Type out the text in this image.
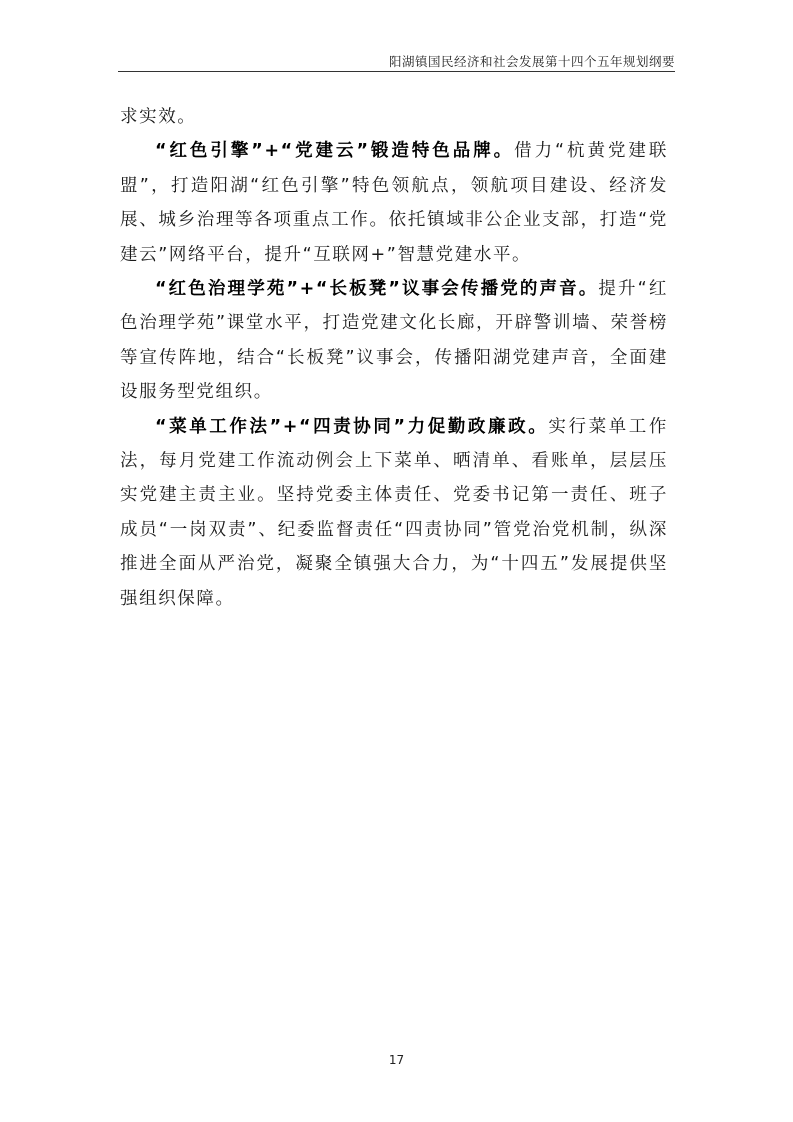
阳湖镇国民经济和社会发展第十四个五年规划纲要

求实效。

“红色引擎”+“党建云”锻造特色品牌。借力“杭黄党建联盟”，打造阳湖“红色引擎”特色领航点，领航项目建设、经济发展、城乡治理等各项重点工作。依托镇域非公企业支部，打造“党建云”网络平台，提升“互联网+”智慧党建水平。

“红色治理学苑”+“长板凳”议事会传播党的声音。提升“红色治理学苑”课堂水平，打造党建文化长廊，开辟警训墙、荣誉榜等宣传阵地，结合“长板凳”议事会，传播阳湖党建声音，全面建设服务型党组织。

“菜单工作法”+“四责协同”力促勤政廉政。实行菜单工作法，每月党建工作流动例会上下菜单、晒清单、看账单，层层压实党建主责主业。坚持党委主体责任、党委书记第一责任、班子成员“一岗双责”、纪委监督责任“四责协同”管党治党机制，纵深推进全面从严治党，凝聚全镇强大合力，为“十四五”发展提供坚强组织保障。

17
